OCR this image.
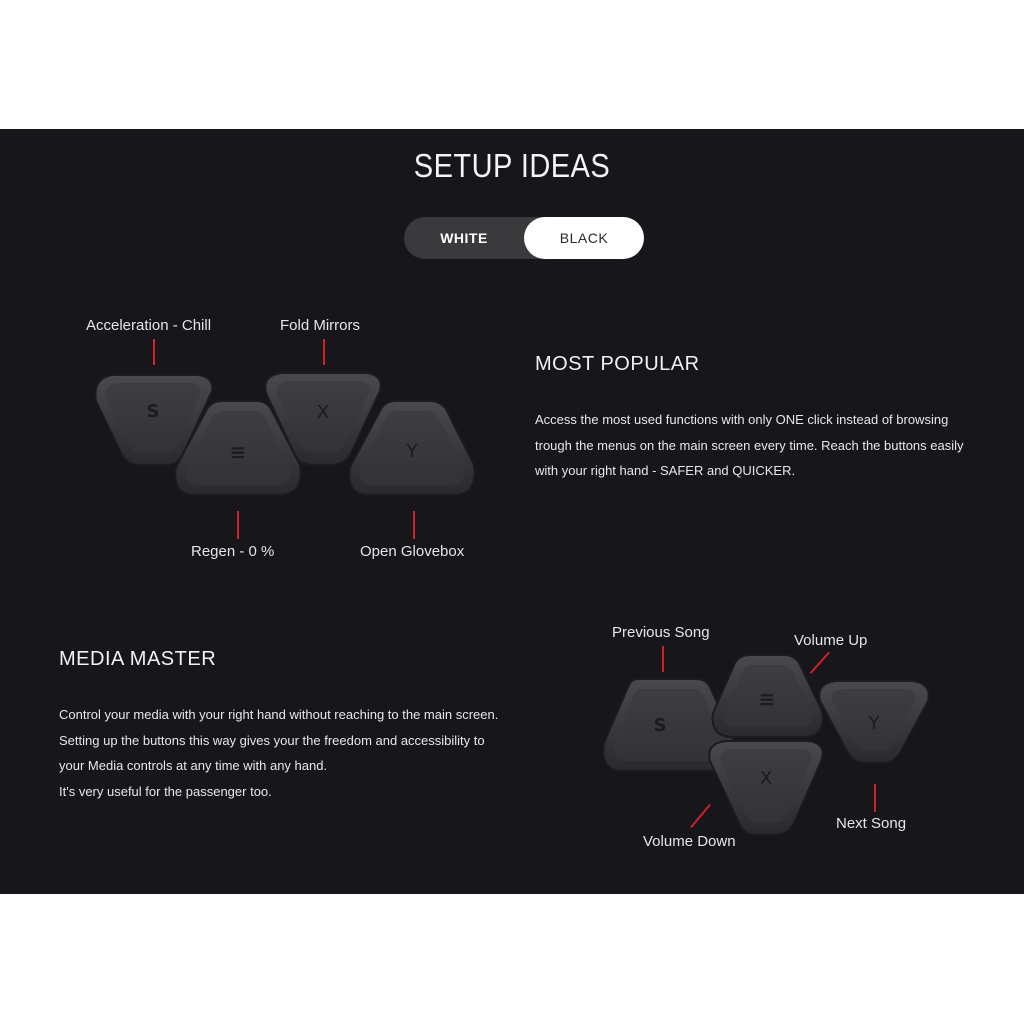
SETUP IDEAS
WHITE	BLACK
S
≡
X
Y
S
≡
X
Y
Acceleration - Chill	Fold Mirrors
Regen - 0 %	Open Glovebox
MOST POPULAR
Access the most used functions with only ONE click instead of browsing
trough the menus on the main screen every time. Reach the buttons easily
with your right hand - SAFER and QUICKER.
MEDIA MASTER
Control your media with your right hand without reaching to the main screen.
Setting up the buttons this way gives your the freedom and accessibility to
your Media controls at any time with any hand.
It's very useful for the passenger too.
Previous Song	Volume Up
Next Song
Volume Down
